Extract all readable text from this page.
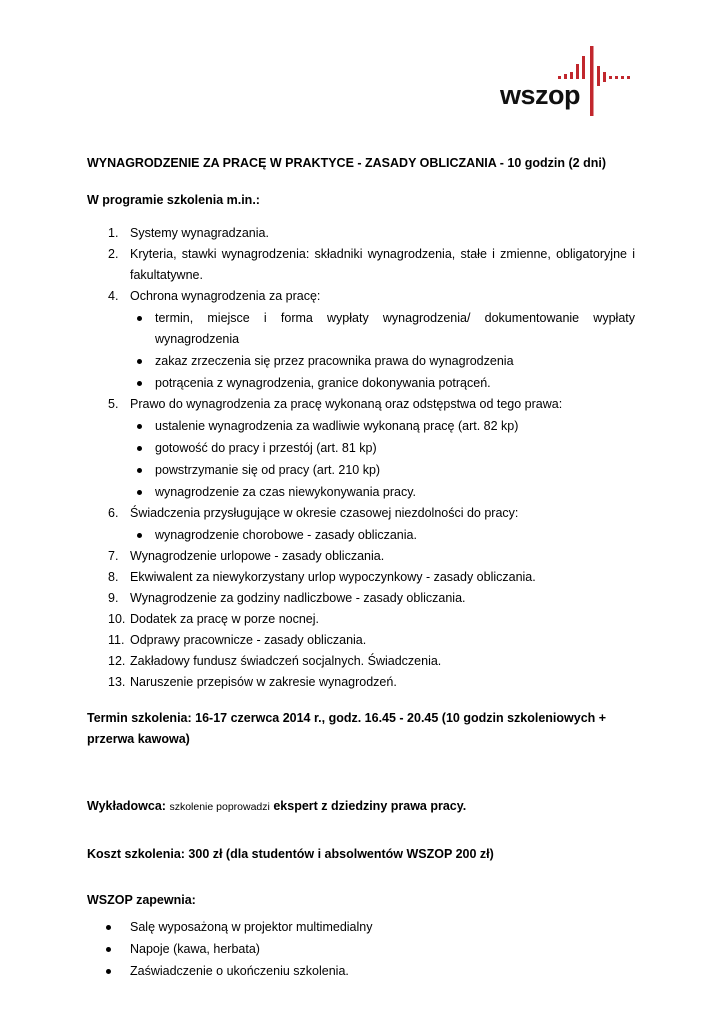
wszop

WYNAGRODZENIE ZA PRACĘ W PRAKTYCE - ZASADY OBLICZANIA - 10 godzin (2 dni)

W programie szkolenia m.in.:

1. Systemy wynagradzania.
2. Kryteria, stawki wynagrodzenia: składniki wynagrodzenia, stałe i zmienne, obligatoryjne i fakultatywne.
4. Ochrona wynagrodzenia za pracę:
termin, miejsce i forma wypłaty wynagrodzenia/ dokumentowanie wypłaty wynagrodzenia
zakaz zrzeczenia się przez pracownika prawa do wynagrodzenia
potrącenia z wynagrodzenia, granice dokonywania potrąceń.
5. Prawo do wynagrodzenia za pracę wykonaną oraz odstępstwa od tego prawa:
ustalenie wynagrodzenia za wadliwie wykonaną pracę (art. 82 kp)
gotowość do pracy i przestój (art. 81 kp)
powstrzymanie się od pracy (art. 210 kp)
wynagrodzenie za czas niewykonywania pracy.
6. Świadczenia przysługujące w okresie czasowej niezdolności do pracy:
wynagrodzenie chorobowe - zasady obliczania.
7. Wynagrodzenie urlopowe - zasady obliczania.
8. Ekwiwalent za niewykorzystany urlop wypoczynkowy - zasady obliczania.
9. Wynagrodzenie za godziny nadliczbowe - zasady obliczania.
10. Dodatek za pracę w porze nocnej.
11. Odprawy pracownicze - zasady obliczania.
12. Zakładowy fundusz świadczeń socjalnych. Świadczenia.
13. Naruszenie przepisów w zakresie wynagrodzeń.
Termin szkolenia: 16-17 czerwca 2014 r., godz. 16.45 - 20.45 (10 godzin szkoleniowych + przerwa kawowa)
Wykładowca: szkolenie poprowadzi ekspert z dziedziny prawa pracy.
Koszt szkolenia: 300 zł (dla studentów i absolwentów WSZOP 200 zł)
WSZOP zapewnia:
Salę wyposażoną w projektor multimedialny
Napoje (kawa, herbata)
Zaświadczenie o ukończeniu szkolenia.
